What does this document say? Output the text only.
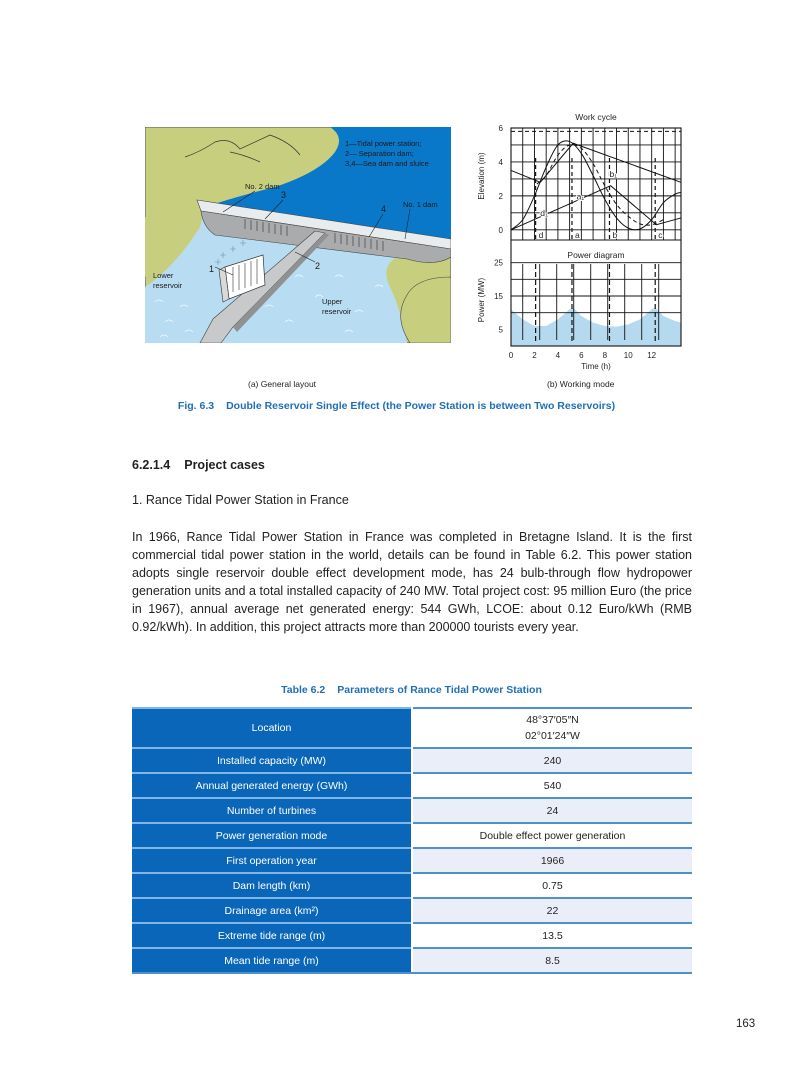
1—Tidal power station;
2— Separation dam;
3,4—Sea dam and sluice
No. 2 dam
No. 1 dam
3
4
2
1
Lower
reservoir
Upper
reservoir
Work cycle
Power diagram
d	a	b	c
d₁
a₁
b₁
0
2
4
6
5
15
25
0 2 4 6 8 10 12
Time (h)
Elevation (m)
Power (MW)
(a) General layout	(b) Working mode
Fig. 6.3 Double Reservoir Single Effect (the Power Station is between Two Reservoirs)
6.2.1.4 Project cases
1. Rance Tidal Power Station in France
In 1966, Rance Tidal Power Station in France was completed in Bretagne Island. It is the first commercial tidal power station in the world, details can be found in Table 6.2. This power station adopts single reservoir double effect development mode, has 24 bulb-through flow hydropower generation units and a total installed capacity of 240 MW. Total project cost: 95 million Euro (the price in 1967), annual average net generated energy: 544 GWh, LCOE: about 0.12 Euro/kWh (RMB 0.92/kWh). In addition, this project attracts more than 200000 tourists every year.
Table 6.2 Parameters of Rance Tidal Power Station
Location		48°37′05″N
02°01′24″W

Installed capacity (MW)		240
Annual generated energy (GWh)		540
Number of turbines		24
Power generation mode		Double effect power generation
First operation year		1966
Dam length (km)		0.75
Drainage area (km²)		22
Extreme tide range (m)		13.5
Mean tide range (m)		8.5
163
